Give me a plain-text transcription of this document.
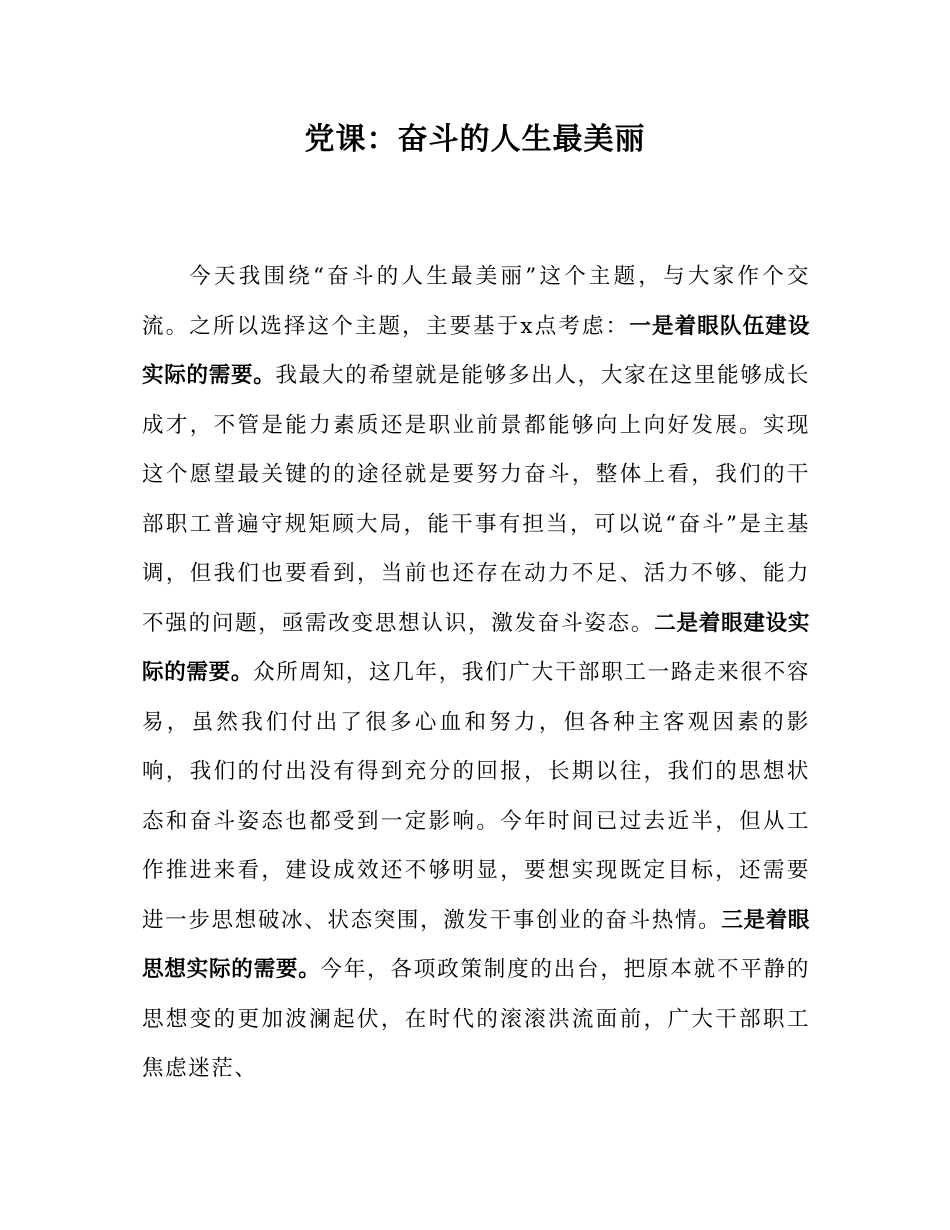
党课：奋斗的人生最美丽

今天我围绕“奋斗的人生最美丽”这个主题，与大家作个交流。之所以选择这个主题，主要基于x点考虑：一是着眼队伍建设实际的需要。我最大的希望就是能够多出人，大家在这里能够成长成才，不管是能力素质还是职业前景都能够向上向好发展。实现这个愿望最关键的的途径就是要努力奋斗，整体上看，我们的干部职工普遍守规矩顾大局，能干事有担当，可以说“奋斗”是主基调，但我们也要看到，当前也还存在动力不足、活力不够、能力不强的问题，亟需改变思想认识，激发奋斗姿态。二是着眼建设实际的需要。众所周知，这几年，我们广大干部职工一路走来很不容易，虽然我们付出了很多心血和努力，但各种主客观因素的影响，我们的付出没有得到充分的回报，长期以往，我们的思想状态和奋斗姿态也都受到一定影响。今年时间已过去近半，但从工作推进来看，建设成效还不够明显，要想实现既定目标，还需要进一步思想破冰、状态突围，激发干事创业的奋斗热情。三是着眼思想实际的需要。今年，各项政策制度的出台，把原本就不平静的思想变的更加波澜起伏，在时代的滚滚洪流面前，广大干部职工焦虑迷茫、
